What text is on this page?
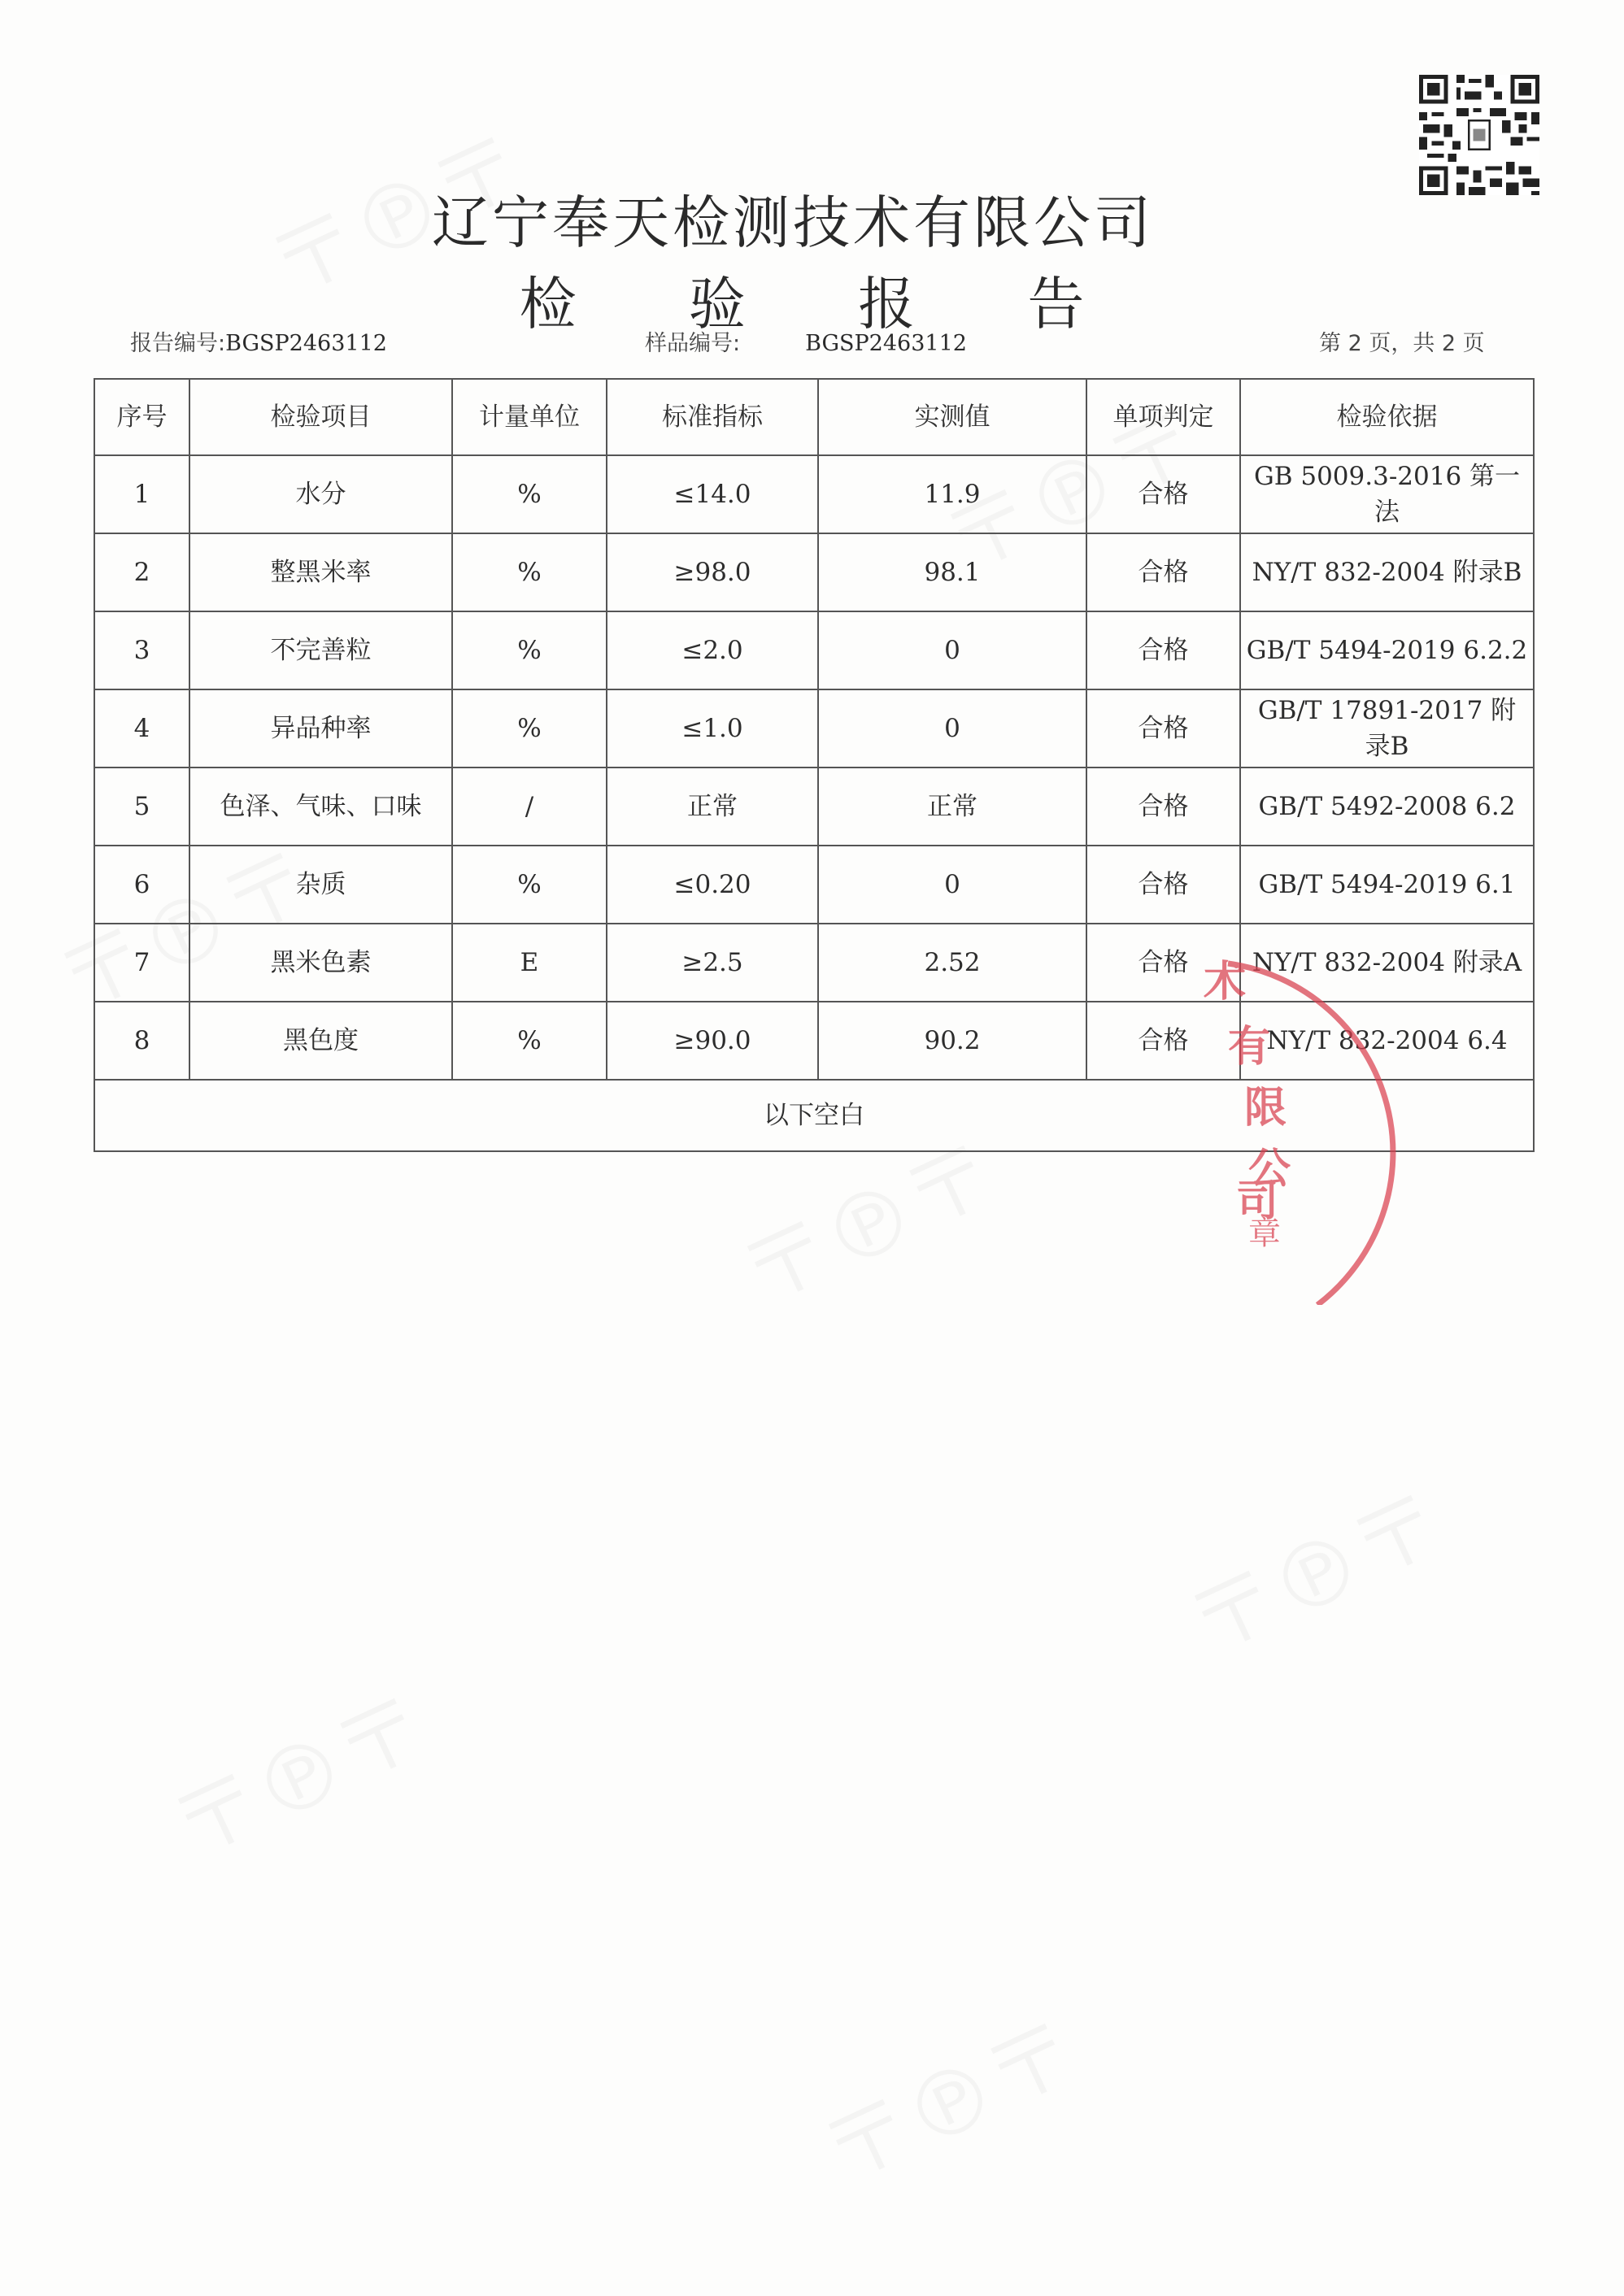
辽宁奉天检测技术有限公司
检 验 报 告
报告编号:BGSP2463112	样品编号:	BGSP2463112	第 2 页，共 2 页
序号	检验项目	计量单位	标准指标	实测值	单项判定	检验依据
1	水分	%	≤14.0	11.9	合格	GB 5009.3-2016 第一法
2	整黑米率	%	≥98.0	98.1	合格	NY/T 832-2004 附录B
3	不完善粒	%	≤2.0	0	合格	GB/T 5494-2019 6.2.2
4	异品种率	%	≤1.0	0	合格	GB/T 17891-2017 附录B
5	色泽、气味、口味	/	正常	正常	合格	GB/T 5492-2008 6.2
6	杂质	%	≤0.20	0	合格	GB/T 5494-2019 6.1
7	黑米色素	E	≥2.5	2.52	合格	NY/T 832-2004 附录A
8	黑色度	%	≥90.0	90.2	合格	NY/T 832-2004 6.4
以下空白						
术有限公司
章
